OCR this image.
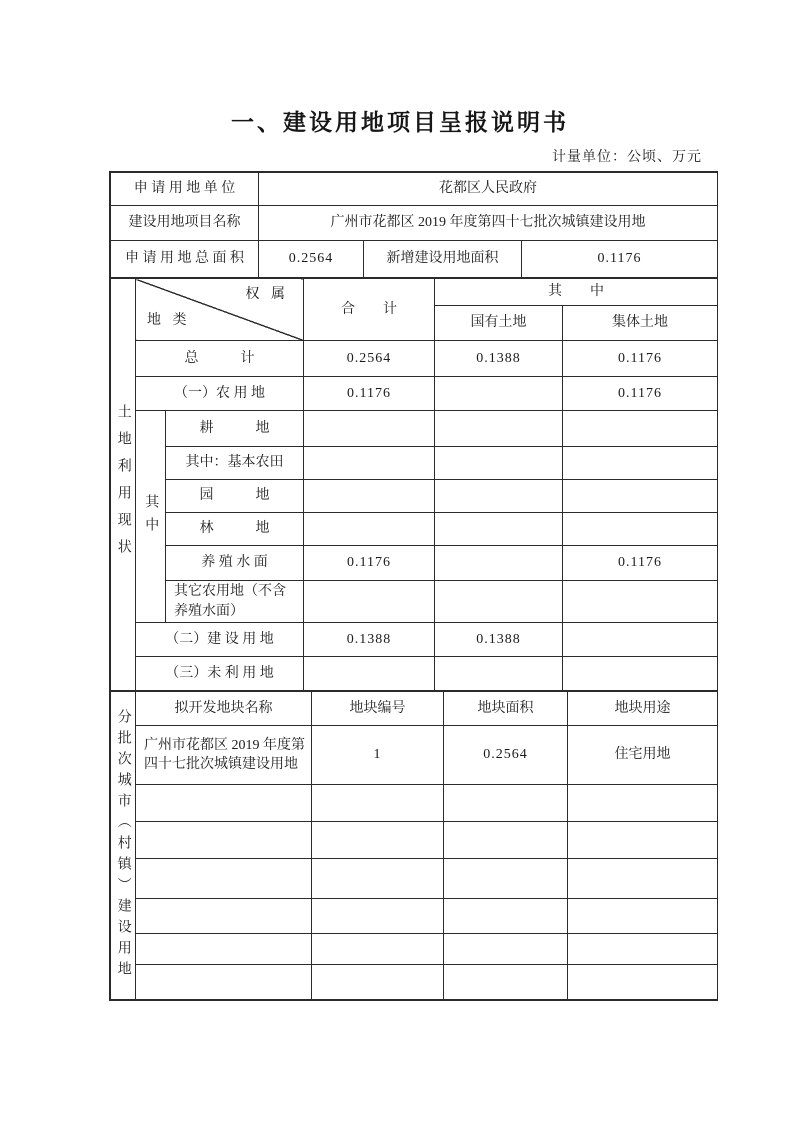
一、建设用地项目呈报说明书
计量单位：公顷、万元
申 请 用 地 单 位	花都区人民政府		
建设用地项目名称	广州市花都区 2019 年度第四十七批次城镇建设用地		
申 请 用 地 总 面 积	0.2564	新增建设用地面积	0.1176
土地利用现状	权 属
地 类		合　　计	其　　中	
				国有土地	集体土地
	总　　　计		0.2564	0.1388	0.1176
	（一）农 用 地		0.1176		0.1176

	其中	耕　　　地			
		其中：基本农田			
		园　　　地			
		林　　　地			
		养 殖 水 面	0.1176		0.1176
		其它农用地（不含养殖水面）			
	（二）建 设 用 地		0.1388	0.1388	
	（三）未 利 用 地				
分批次城市（村镇）建设用地	拟开发地块名称	地块编号	地块面积	地块用途
	广州市花都区 2019 年度第四十七批次城镇建设用地	1	0.2564	住宅用地
